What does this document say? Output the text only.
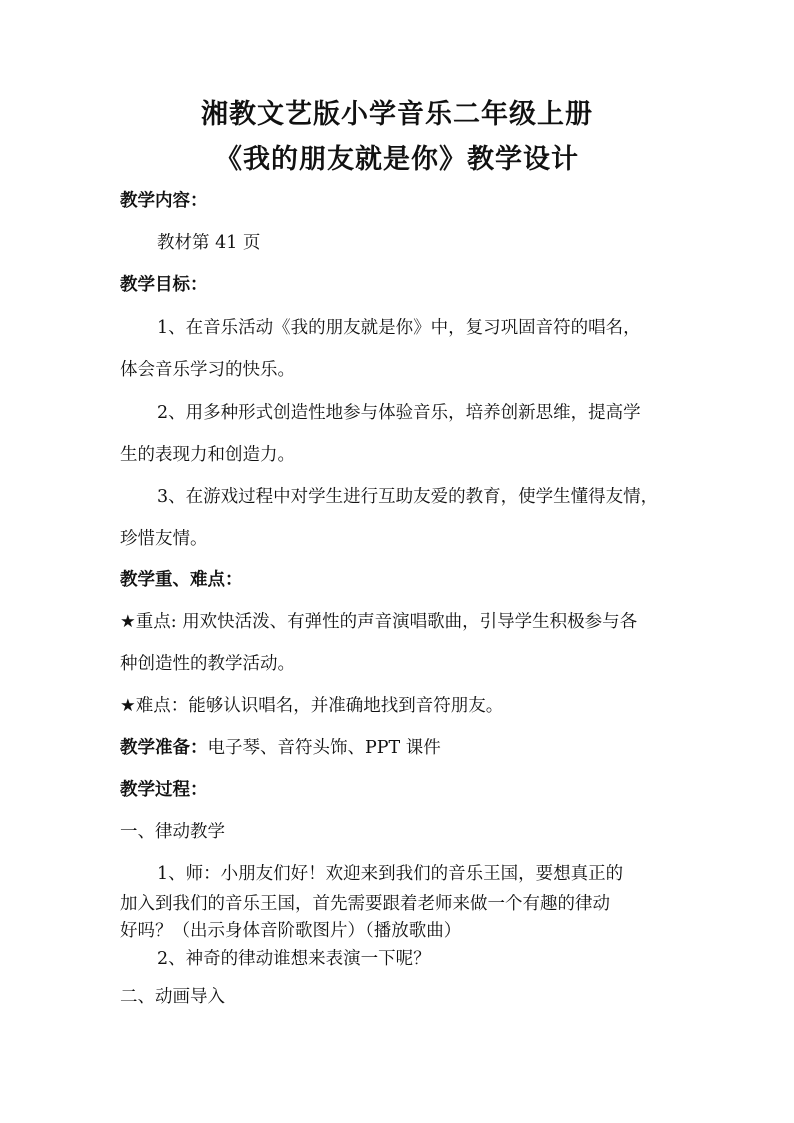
湘教文艺版小学音乐二年级上册
《我的朋友就是你》教学设计
教学内容：
教材第 41 页
教学目标：
1、在音乐活动《我的朋友就是你》中，复习巩固音符的唱名，
体会音乐学习的快乐。
2、用多种形式创造性地参与体验音乐，培养创新思维，提高学
生的表现力和创造力。
3、在游戏过程中对学生进行互助友爱的教育，使学生懂得友情，
珍惜友情。
教学重、难点：
★重点: 用欢快活泼、有弹性的声音演唱歌曲，引导学生积极参与各
种创造性的教学活动。
★难点：能够认识唱名，并准确地找到音符朋友。
教学准备：电子琴、音符头饰、PPT 课件
教学过程：
一、律动教学
1、师：小朋友们好！欢迎来到我们的音乐王国，要想真正的
加入到我们的音乐王国，首先需要跟着老师来做一个有趣的律动
好吗？（出示身体音阶歌图片）（播放歌曲）
2、神奇的律动谁想来表演一下呢？
二、动画导入
